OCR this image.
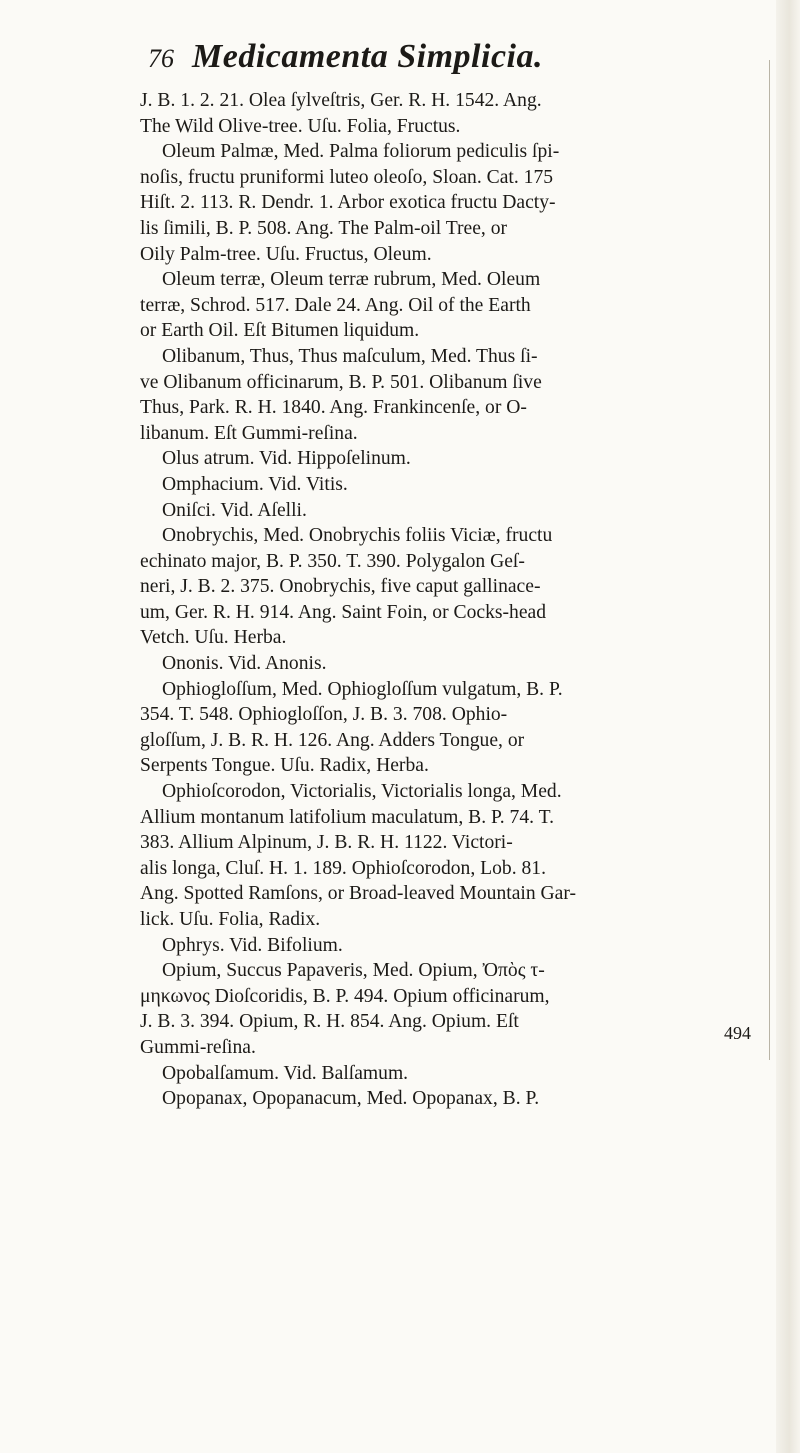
76 Medicamenta Simplicia.
J. B. 1. 2. 21. Olea ſylveſtris, Ger. R. H. 1542. Ang.
The Wild Olive-tree. Uſu. Folia, Fructus.
Oleum Palmæ, Med. Palma foliorum pediculis ſpi-
noſis, fructu pruniformi luteo oleoſo, Sloan. Cat. 175
Hiſt. 2. 113. R. Dendr. 1. Arbor exotica fructu Dacty-
lis ſimili, B. P. 508. Ang. The Palm-oil Tree, or
Oily Palm-tree. Uſu. Fructus, Oleum.
Oleum terræ, Oleum terræ rubrum, Med. Oleum
terræ, Schrod. 517. Dale 24. Ang. Oil of the Earth
or Earth Oil. Eſt Bitumen liquidum.
Olibanum, Thus, Thus maſculum, Med. Thus ſi-
ve Olibanum officinarum, B. P. 501. Olibanum ſive
Thus, Park. R. H. 1840. Ang. Frankincenſe, or O-
libanum. Eſt Gummi-reſina.
Olus atrum. Vid. Hippoſelinum.
Omphacium. Vid. Vitis.
Oniſci. Vid. Aſelli.
Onobrychis, Med. Onobrychis foliis Viciæ, fructu
echinato major, B. P. 350. T. 390. Polygalon Geſ-
neri, J. B. 2. 375. Onobrychis, five caput gallinace-
um, Ger. R. H. 914. Ang. Saint Foin, or Cocks-head
Vetch. Uſu. Herba.
Ononis. Vid. Anonis.
Ophiogloſſum, Med. Ophiogloſſum vulgatum, B. P.
354. T. 548. Ophiogloſſon, J. B. 3. 708. Ophio-
gloſſum, J. B. R. H. 126. Ang. Adders Tongue, or
Serpents Tongue. Uſu. Radix, Herba.
Ophioſcorodon, Victorialis, Victorialis longa, Med.
Allium montanum latifolium maculatum, B. P. 74. T.
383. Allium Alpinum, J. B. R. H. 1122. Victori-
alis longa, Cluſ. H. 1. 189. Ophioſcorodon, Lob. 81.
Ang. Spotted Ramſons, or Broad-leaved Mountain Gar-
lick. Uſu. Folia, Radix.
Ophrys. Vid. Bifolium.
Opium, Succus Papaveris, Med. Opium, Ὀπὸς τ-
μηκωνος Dioſcoridis, B. P. 494. Opium officinarum,
J. B. 3. 394. Opium, R. H. 854. Ang. Opium. Eſt
Gummi-reſina.
Opobalſamum. Vid. Balſamum.
Opopanax, Opopanacum, Med. Opopanax, B. P.
494
